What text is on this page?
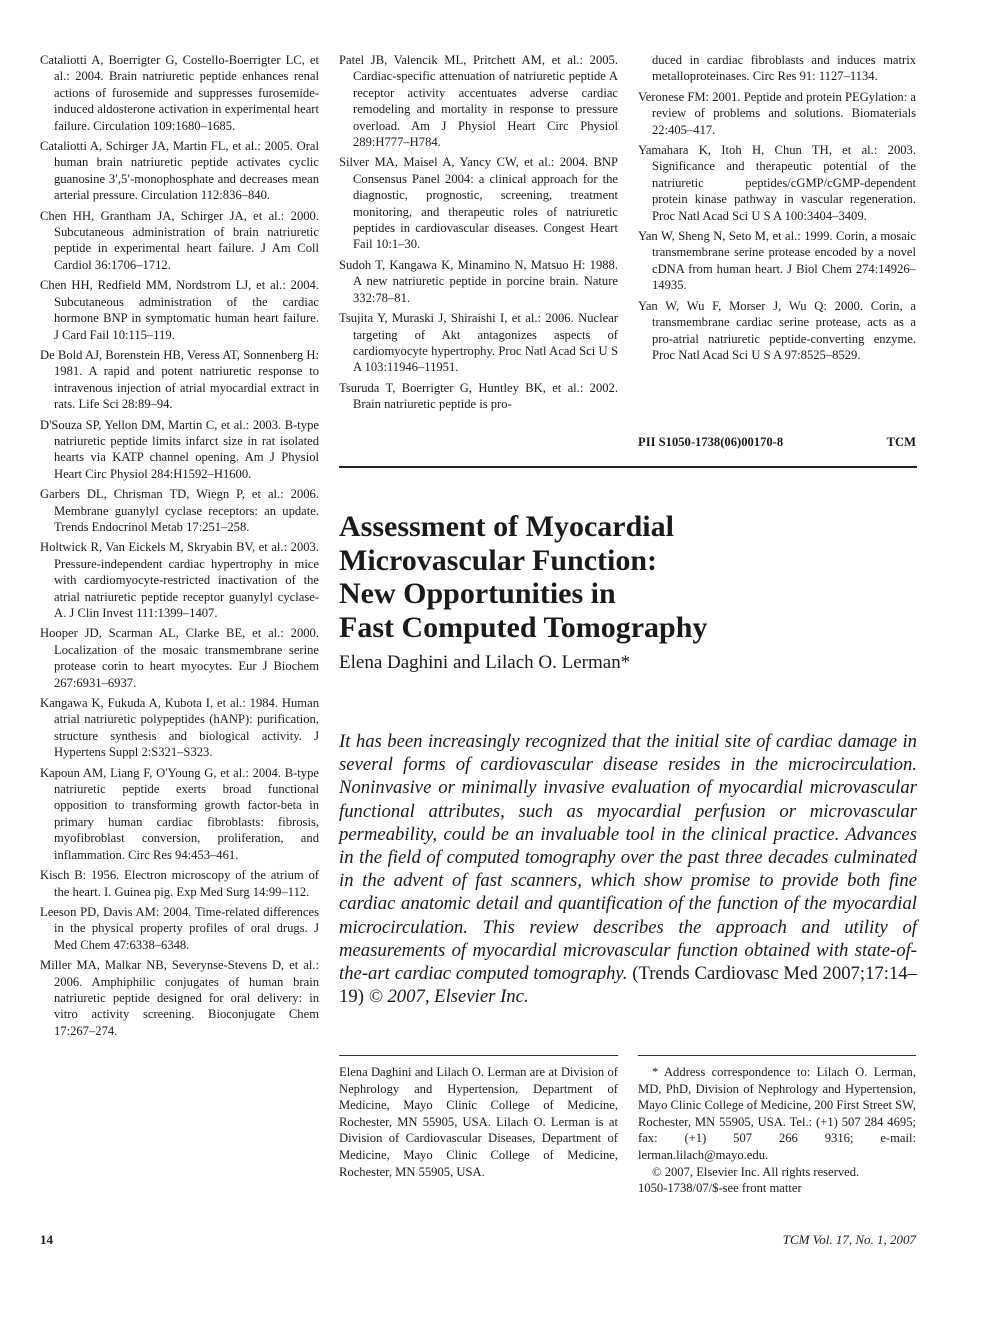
Cataliotti A, Boerrigter G, Costello-Boerrigter LC, et al.: 2004. Brain natriuretic peptide enhances renal actions of furosemide and suppresses furosemide-induced aldosterone activation in experimental heart failure. Circulation 109:1680–1685.

Cataliotti A, Schirger JA, Martin FL, et al.: 2005. Oral human brain natriuretic peptide activates cyclic guanosine 3′,5′-monophosphate and decreases mean arterial pressure. Circulation 112:836–840.

Chen HH, Grantham JA, Schirger JA, et al.: 2000. Subcutaneous administration of brain natriuretic peptide in experimental heart failure. J Am Coll Cardiol 36:1706–1712.

Chen HH, Redfield MM, Nordstrom LJ, et al.: 2004. Subcutaneous administration of the cardiac hormone BNP in symptomatic human heart failure. J Card Fail 10:115–119.

De Bold AJ, Borenstein HB, Veress AT, Sonnenberg H: 1981. A rapid and potent natriuretic response to intravenous injection of atrial myocardial extract in rats. Life Sci 28:89–94.

D'Souza SP, Yellon DM, Martin C, et al.: 2003. B-type natriuretic peptide limits infarct size in rat isolated hearts via KATP channel opening. Am J Physiol Heart Circ Physiol 284:H1592–H1600.

Garbers DL, Chrisman TD, Wiegn P, et al.: 2006. Membrane guanylyl cyclase receptors: an update. Trends Endocrinol Metab 17:251–258.

Holtwick R, Van Eickels M, Skryabin BV, et al.: 2003. Pressure-independent cardiac hypertrophy in mice with cardiomyocyte-restricted inactivation of the atrial natriuretic peptide receptor guanylyl cyclase-A. J Clin Invest 111:1399–1407.

Hooper JD, Scarman AL, Clarke BE, et al.: 2000. Localization of the mosaic transmembrane serine protease corin to heart myocytes. Eur J Biochem 267:6931–6937.

Kangawa K, Fukuda A, Kubota I, et al.: 1984. Human atrial natriuretic polypeptides (hANP): purification, structure synthesis and biological activity. J Hypertens Suppl 2:S321–S323.

Kapoun AM, Liang F, O'Young G, et al.: 2004. B-type natriuretic peptide exerts broad functional opposition to transforming growth factor-beta in primary human cardiac fibroblasts: fibrosis, myofibroblast conversion, proliferation, and inflammation. Circ Res 94:453–461.

Kisch B: 1956. Electron microscopy of the atrium of the heart. I. Guinea pig. Exp Med Surg 14:99–112.

Leeson PD, Davis AM: 2004. Time-related differences in the physical property profiles of oral drugs. J Med Chem 47:6338–6348.

Miller MA, Malkar NB, Severynse-Stevens D, et al.: 2006. Amphiphilic conjugates of human brain natriuretic peptide designed for oral delivery: in vitro activity screening. Bioconjugate Chem 17:267–274.

Patel JB, Valencik ML, Pritchett AM, et al.: 2005. Cardiac-specific attenuation of natriuretic peptide A receptor activity accentuates adverse cardiac remodeling and mortality in response to pressure overload. Am J Physiol Heart Circ Physiol 289:H777–H784.

Silver MA, Maisel A, Yancy CW, et al.: 2004. BNP Consensus Panel 2004: a clinical approach for the diagnostic, prognostic, screening, treatment monitoring, and therapeutic roles of natriuretic peptides in cardiovascular diseases. Congest Heart Fail 10:1–30.

Sudoh T, Kangawa K, Minamino N, Matsuo H: 1988. A new natriuretic peptide in porcine brain. Nature 332:78–81.

Tsujita Y, Muraski J, Shiraishi I, et al.: 2006. Nuclear targeting of Akt antagonizes aspects of cardiomyocyte hypertrophy. Proc Natl Acad Sci U S A 103:11946–11951.

Tsuruda T, Boerrigter G, Huntley BK, et al.: 2002. Brain natriuretic peptide is pro-

duced in cardiac fibroblasts and induces matrix metalloproteinases. Circ Res 91: 1127–1134.

Veronese FM: 2001. Peptide and protein PEGylation: a review of problems and solutions. Biomaterials 22:405–417.

Yamahara K, Itoh H, Chun TH, et al.: 2003. Significance and therapeutic potential of the natriuretic peptides/cGMP/cGMP-dependent protein kinase pathway in vascular regeneration. Proc Natl Acad Sci U S A 100:3404–3409.

Yan W, Sheng N, Seto M, et al.: 1999. Corin, a mosaic transmembrane serine protease encoded by a novel cDNA from human heart. J Biol Chem 274:14926–14935.

Yan W, Wu F, Morser J, Wu Q: 2000. Corin, a transmembrane cardiac serine protease, acts as a pro-atrial natriuretic peptide-converting enzyme. Proc Natl Acad Sci U S A 97:8525–8529.

PII S1050-1738(06)00170-8	TCM
Assessment of Myocardial
Microvascular Function:
New Opportunities in
Fast Computed Tomography

Elena Daghini and Lilach O. Lerman*

It has been increasingly recognized that the initial site of cardiac damage in several forms of cardiovascular disease resides in the microcirculation. Noninvasive or minimally invasive evaluation of myocardial microvascular functional attributes, such as myocardial perfusion or microvascular permeability, could be an invaluable tool in the clinical practice. Advances in the field of computed tomography over the past three decades culminated in the advent of fast scanners, which show promise to provide both fine cardiac anatomic detail and quantification of the function of the myocardial microcirculation. This review describes the approach and utility of measurements of myocardial microvascular function obtained with state-of-the-art cardiac computed tomography. (Trends Cardiovasc Med 2007;17:14–19) © 2007, Elsevier Inc.

Elena Daghini and Lilach O. Lerman are at Division of Nephrology and Hypertension, Department of Medicine, Mayo Clinic College of Medicine, Rochester, MN 55905, USA. Lilach O. Lerman is at Division of Cardiovascular Diseases, Department of Medicine, Mayo Clinic College of Medicine, Rochester, MN 55905, USA.

* Address correspondence to: Lilach O. Lerman, MD, PhD, Division of Nephrology and Hypertension, Mayo Clinic College of Medicine, 200 First Street SW, Rochester, MN 55905, USA. Tel.: (+1) 507 284 4695; fax: (+1) 507 266 9316; e-mail: lerman.lilach@mayo.edu.

© 2007, Elsevier Inc. All rights reserved.

1050-1738/07/$-see front matter

14	TCM Vol. 17, No. 1, 2007
